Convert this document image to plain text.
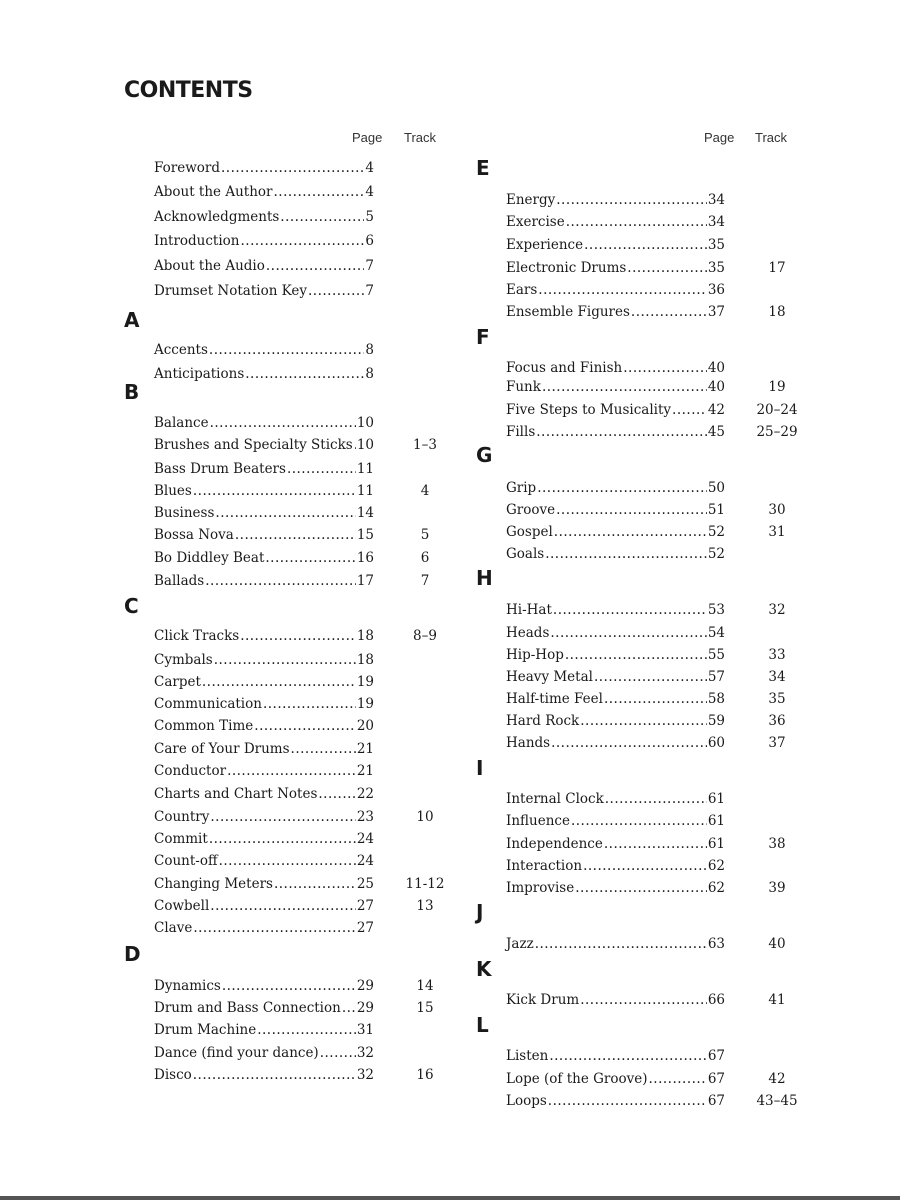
CONTENTS
Page Track	Page Track
Foreword .....	4
About the Author .....	4
Acknowledgments .....	5
Introduction .....	6
About the Audio .....	7
Drumset Notation Key .....	7
A
Accents .....	8
Anticipations .....	8
B
Balance .....	10
Brushes and Specialty Sticks ..... 10	1–3
Bass Drum Beaters .....	11
Blues .....	11	4
Business .....	14
Bossa Nova .....	15	5
Bo Diddley Beat .....	16	6
Ballads .....	17	7
C
Click Tracks .....	18	8–9
Cymbals .....	18
Carpet .....	19
Communication .....	19
Common Time .....	20
Care of Your Drums .....	21
Conductor .....	21
Charts and Chart Notes .....	22
Country .....	23	10
Commit .....	24
Count-off .....	24
Changing Meters .....	25	11-12
Cowbell .....	27	13
Clave .....	27
D
Dynamics .....	29	14
Drum and Bass Connection ..... 29	15
Drum Machine .....	31
Dance (find your dance) .....	32
Disco .....	32	16
E
Energy .....	34
Exercise .....	34
Experience .....	35
Electronic Drums .....	35	17
Ears .....	36
Ensemble Figures .....	37	18
F
Focus and Finish .....	40
Funk .....	40	19
Five Steps to Musicality .....	42	20–24
Fills .....	45	25–29
G
Grip .....	50
Groove .....	51	30
Gospel .....	52	31
Goals .....	52
H
Hi-Hat .....	53	32
Heads .....	54
Hip-Hop .....	55	33
Heavy Metal .....	57	34
Half-time Feel .....	58	35
Hard Rock .....	59	36
Hands .....	60	37
I
Internal Clock .....	61
Influence .....	61
Independence .....	61	38
Interaction .....	62
Improvise .....	62	39
J
Jazz .....	63	40
K
Kick Drum .....	66	41
L
Listen .....	67
Lope (of the Groove) .....	67	42
Loops .....	67	43–45
